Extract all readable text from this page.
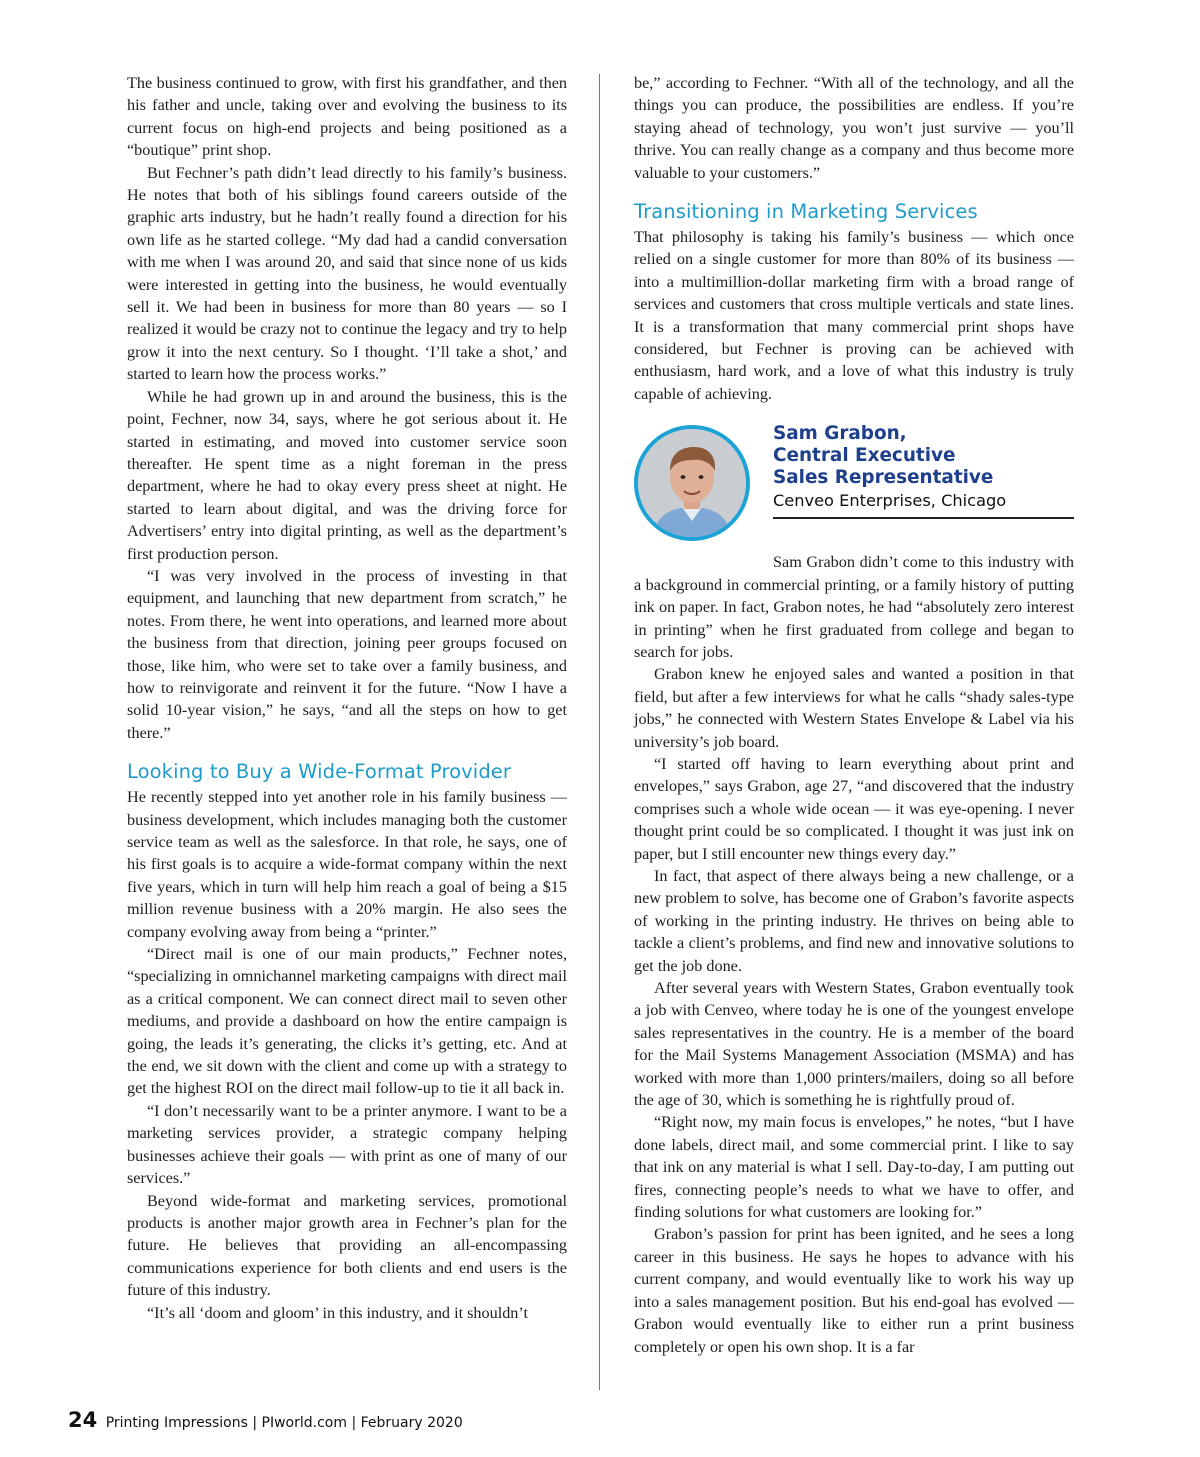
The business continued to grow, with first his grandfather, and then his father and uncle, taking over and evolving the business to its current focus on high-end projects and being positioned as a “boutique” print shop.

But Fechner’s path didn’t lead directly to his family’s business. He notes that both of his siblings found careers outside of the graphic arts industry, but he hadn’t really found a direction for his own life as he started college. “My dad had a candid conversation with me when I was around 20, and said that since none of us kids were interested in getting into the business, he would eventually sell it. We had been in business for more than 80 years — so I realized it would be crazy not to continue the legacy and try to help grow it into the next century. So I thought. ‘I’ll take a shot,’ and started to learn how the process works.”

While he had grown up in and around the business, this is the point, Fechner, now 34, says, where he got serious about it. He started in estimating, and moved into customer service soon thereafter. He spent time as a night foreman in the press department, where he had to okay every press sheet at night. He started to learn about digital, and was the driving force for Advertisers’ entry into digital printing, as well as the department’s first production person.

“I was very involved in the process of investing in that equipment, and launching that new department from scratch,” he notes. From there, he went into operations, and learned more about the business from that direction, joining peer groups focused on those, like him, who were set to take over a family business, and how to reinvigorate and reinvent it for the future. “Now I have a solid 10-year vision,” he says, “and all the steps on how to get there.”

Looking to Buy a Wide-Format Provider

He recently stepped into yet another role in his family business — business development, which includes managing both the customer service team as well as the salesforce. In that role, he says, one of his first goals is to acquire a wide-format company within the next five years, which in turn will help him reach a goal of being a $15 million revenue business with a 20% margin. He also sees the company evolving away from being a “printer.”

“Direct mail is one of our main products,” Fechner notes, “specializing in omnichannel marketing campaigns with direct mail as a critical component. We can connect direct mail to seven other mediums, and provide a dashboard on how the entire campaign is going, the leads it’s generating, the clicks it’s getting, etc. And at the end, we sit down with the client and come up with a strategy to get the highest ROI on the direct mail follow-up to tie it all back in.

“I don’t necessarily want to be a printer anymore. I want to be a marketing services provider, a strategic company helping businesses achieve their goals — with print as one of many of our services.”

Beyond wide-format and marketing services, promotional products is another major growth area in Fechner’s plan for the future. He believes that providing an all-encompassing communications experience for both clients and end users is the future of this industry.

“It’s all ‘doom and gloom’ in this industry, and it shouldn’t

be,” according to Fechner. “With all of the technology, and all the things you can produce, the possibilities are endless. If you’re staying ahead of technology, you won’t just survive — you’ll thrive. You can really change as a company and thus become more valuable to your customers.”

Transitioning in Marketing Services

That philosophy is taking his family’s business — which once relied on a single customer for more than 80% of its business — into a multimillion-dollar marketing firm with a broad range of services and customers that cross multiple verticals and state lines. It is a transformation that many commercial print shops have considered, but Fechner is proving can be achieved with enthusiasm, hard work, and a love of what this industry is truly capable of achieving.

Sam Grabon,
Central Executive
Sales Representative
Cenveo Enterprises, Chicago

Sam Grabon didn’t come to this industry with a background in commercial printing, or a family history of putting ink on paper. In fact, Grabon notes, he had “absolutely zero interest in printing” when he first graduated from college and began to search for jobs.

Grabon knew he enjoyed sales and wanted a position in that field, but after a few interviews for what he calls “shady sales-type jobs,” he connected with Western States Envelope & Label via his university’s job board.

“I started off having to learn everything about print and envelopes,” says Grabon, age 27, “and discovered that the industry comprises such a whole wide ocean — it was eye-opening. I never thought print could be so complicated. I thought it was just ink on paper, but I still encounter new things every day.”

In fact, that aspect of there always being a new challenge, or a new problem to solve, has become one of Grabon’s favorite aspects of working in the printing industry. He thrives on being able to tackle a client’s problems, and find new and innovative solutions to get the job done.

After several years with Western States, Grabon eventually took a job with Cenveo, where today he is one of the youngest envelope sales representatives in the country. He is a member of the board for the Mail Systems Management Association (MSMA) and has worked with more than 1,000 printers/mailers, doing so all before the age of 30, which is something he is rightfully proud of.

“Right now, my main focus is envelopes,” he notes, “but I have done labels, direct mail, and some commercial print. I like to say that ink on any material is what I sell. Day-to-day, I am putting out fires, connecting people’s needs to what we have to offer, and finding solutions for what customers are looking for.”

Grabon’s passion for print has been ignited, and he sees a long career in this business. He says he hopes to advance with his current company, and would eventually like to work his way up into a sales management position. But his end-goal has evolved — Grabon would eventually like to either run a print business completely or open his own shop. It is a far

24 Printing Impressions | PIworld.com | February 2020
